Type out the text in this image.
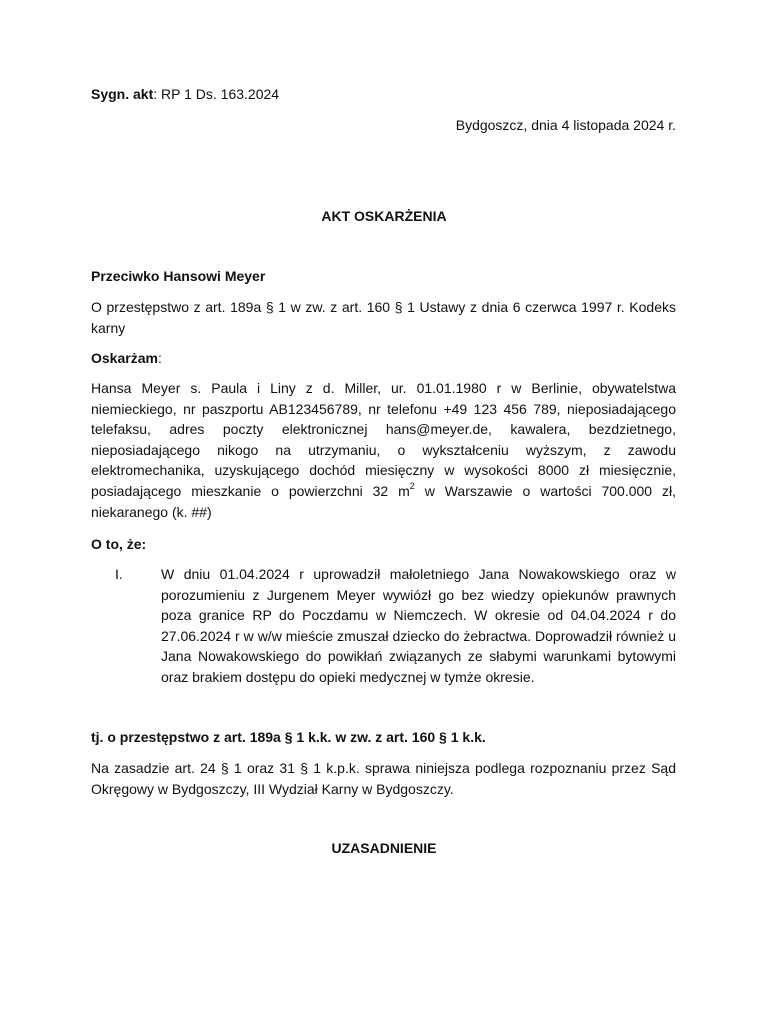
Sygn. akt: RP 1 Ds. 163.2024

Bydgoszcz, dnia 4 listopada 2024 r.

AKT OSKARŻENIA

Przeciwko Hansowi Meyer

O przestępstwo z art. 189a § 1 w zw. z art. 160 § 1 Ustawy z dnia 6 czerwca 1997 r. Kodeks karny

Oskarżam:

Hansa Meyer s. Paula i Liny z d. Miller, ur. 01.01.1980 r w Berlinie, obywatelstwa niemieckiego, nr paszportu AB123456789, nr telefonu +49 123 456 789, nieposiadającego telefaksu, adres poczty elektronicznej hans@meyer.de, kawalera, bezdzietnego, nieposiadającego nikogo na utrzymaniu, o wykształceniu wyższym, z zawodu elektromechanika, uzyskującego dochód miesięczny w wysokości 8000 zł miesięcznie, posiadającego mieszkanie o powierzchni 32 $m^2$ w Warszawie o wartości 700.000 zł, niekaranego (k. ##)

O to, że:

I.	W dniu 01.04.2024 r uprowadził małoletniego Jana Nowakowskiego oraz w porozumieniu z Jurgenem Meyer wywiózł go bez wiedzy opiekunów prawnych poza granice RP do Poczdamu w Niemczech. W okresie od 04.04.2024 r do 27.06.2024 r w w/w mieście zmuszał dziecko do żebractwa. Doprowadził również u Jana Nowakowskiego do powikłań związanych ze słabymi warunkami bytowymi oraz brakiem dostępu do opieki medycznej w tymże okresie.

tj. o przestępstwo z art. 189a § 1 k.k. w zw. z art. 160 § 1 k.k.

Na zasadzie art. 24 § 1 oraz 31 § 1 k.p.k. sprawa niniejsza podlega rozpoznaniu przez Sąd Okręgowy w Bydgoszczy, III Wydział Karny w Bydgoszczy.

UZASADNIENIE
